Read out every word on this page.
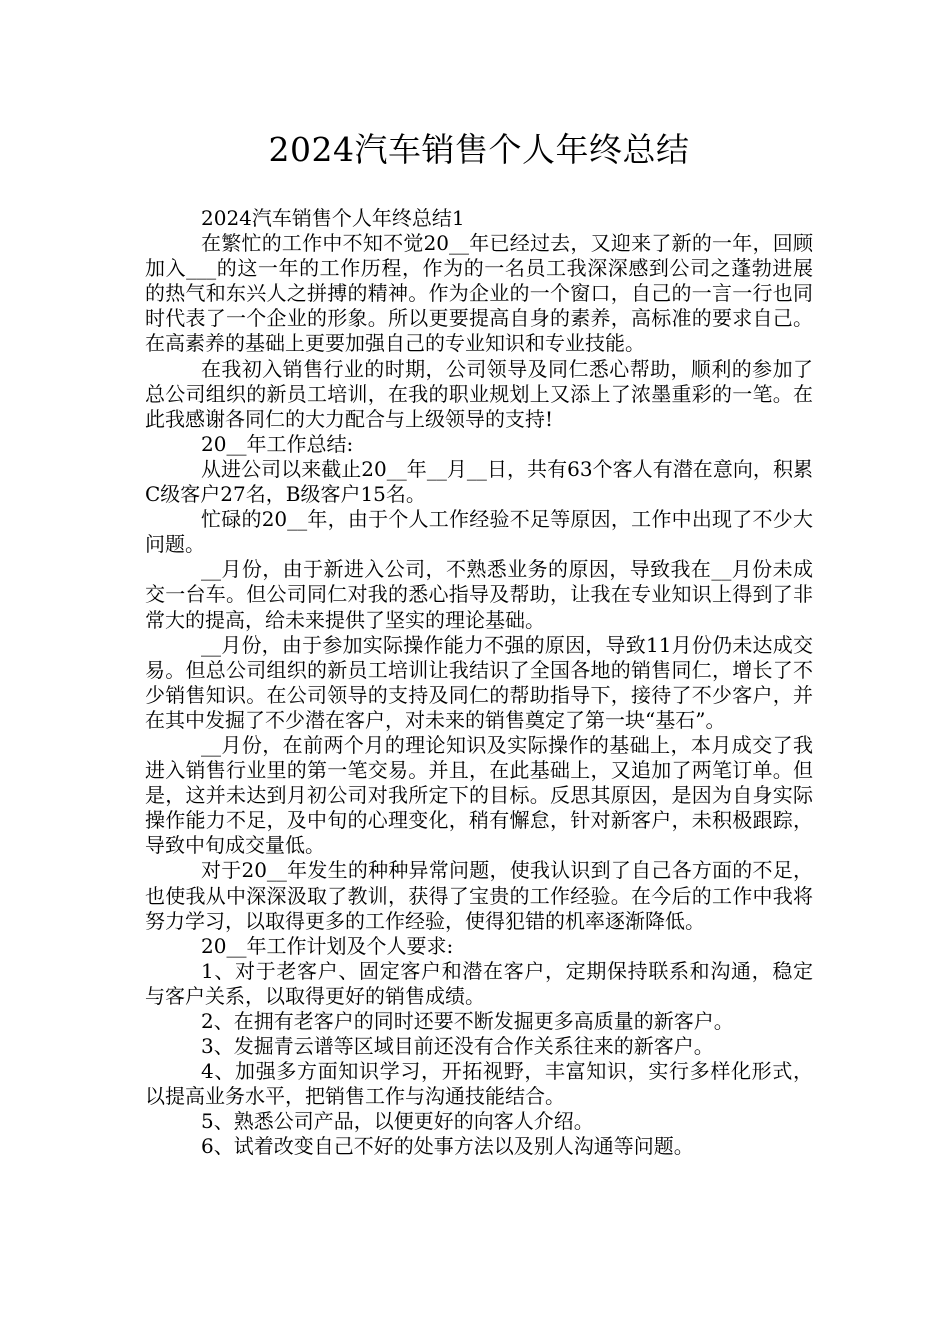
2024汽车销售个人年终总结

2024汽车销售个人年终总结1

在繁忙的工作中不知不觉20__年已经过去，又迎来了新的一年，回顾加入___的这一年的工作历程，作为的一名员工我深深感到公司之蓬勃进展的热气和东兴人之拼搏的精神。作为企业的一个窗口，自己的一言一行也同时代表了一个企业的形象。所以更要提高自身的素养，高标准的要求自己。在高素养的基础上更要加强自己的专业知识和专业技能。

在我初入销售行业的时期，公司领导及同仁悉心帮助，顺利的参加了总公司组织的新员工培训，在我的职业规划上又添上了浓墨重彩的一笔。在此我感谢各同仁的大力配合与上级领导的支持!

20__年工作总结:

从进公司以来截止20__年__月__日，共有63个客人有潜在意向，积累C级客户27名，B级客户15名。

忙碌的20__年，由于个人工作经验不足等原因，工作中出现了不少大问题。

__月份，由于新进入公司，不熟悉业务的原因，导致我在__月份未成交一台车。但公司同仁对我的悉心指导及帮助，让我在专业知识上得到了非常大的提高，给未来提供了坚实的理论基础。

__月份，由于参加实际操作能力不强的原因，导致11月份仍未达成交易。但总公司组织的新员工培训让我结识了全国各地的销售同仁，增长了不少销售知识。在公司领导的支持及同仁的帮助指导下，接待了不少客户，并在其中发掘了不少潜在客户，对未来的销售奠定了第一块“基石”。

__月份，在前两个月的理论知识及实际操作的基础上，本月成交了我进入销售行业里的第一笔交易。并且，在此基础上，又追加了两笔订单。但是，这并未达到月初公司对我所定下的目标。反思其原因，是因为自身实际操作能力不足，及中旬的心理变化，稍有懈怠，针对新客户，未积极跟踪，导致中旬成交量低。

对于20__年发生的种种异常问题，使我认识到了自己各方面的不足，也使我从中深深汲取了教训，获得了宝贵的工作经验。在今后的工作中我将努力学习，以取得更多的工作经验，使得犯错的机率逐渐降低。

20__年工作计划及个人要求:

1、对于老客户、固定客户和潜在客户，定期保持联系和沟通，稳定与客户关系，以取得更好的销售成绩。

2、在拥有老客户的同时还要不断发掘更多高质量的新客户。

3、发掘青云谱等区域目前还没有合作关系往来的新客户。

4、加强多方面知识学习，开拓视野，丰富知识，实行多样化形式，以提高业务水平，把销售工作与沟通技能结合。

5、熟悉公司产品，以便更好的向客人介绍。

6、试着改变自己不好的处事方法以及别人沟通等问题。
